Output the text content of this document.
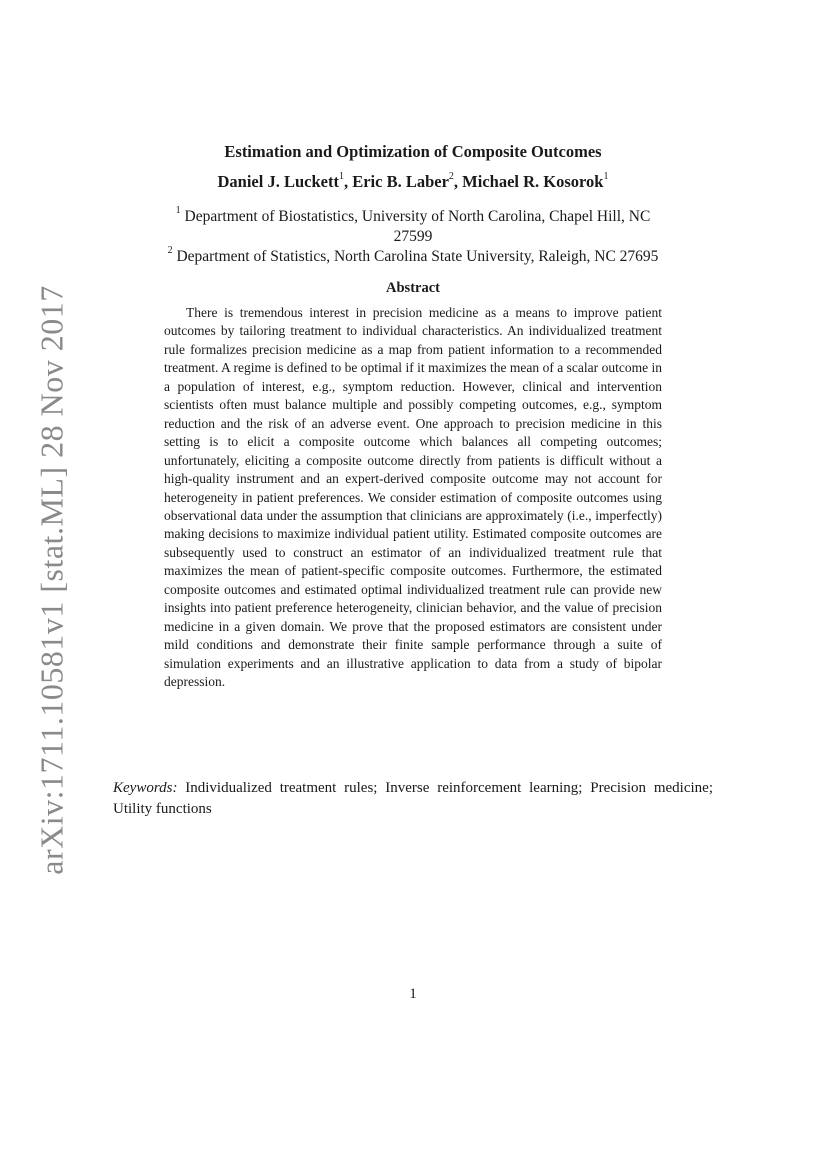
arXiv:1711.10581v1 [stat.ML] 28 Nov 2017
Estimation and Optimization of Composite Outcomes
Daniel J. Luckett$^1$, Eric B. Laber$^2$, Michael R. Kosorok$^1$
$^1$ Department of Biostatistics, University of North Carolina, Chapel Hill, NC
27599
$^2$ Department of Statistics, North Carolina State University, Raleigh, NC 27695
Abstract

There is tremendous interest in precision medicine as a means to improve patient outcomes by tailoring treatment to individual characteristics. An individualized treatment rule formalizes precision medicine as a map from patient information to a recommended treatment. A regime is defined to be optimal if it maximizes the mean of a scalar outcome in a population of interest, e.g., symptom reduction. However, clinical and intervention scientists often must balance multiple and possibly competing outcomes, e.g., symptom reduction and the risk of an adverse event. One approach to precision medicine in this setting is to elicit a composite outcome which balances all competing outcomes; unfortunately, eliciting a composite outcome directly from patients is difficult without a high-quality instrument and an expert-derived composite outcome may not account for heterogeneity in patient preferences. We consider estimation of composite outcomes using observational data under the assumption that clinicians are approximately (i.e., imperfectly) making decisions to maximize individual patient utility. Estimated composite outcomes are subsequently used to construct an estimator of an individualized treatment rule that maximizes the mean of patient-specific composite outcomes. Furthermore, the estimated composite outcomes and estimated optimal individualized treatment rule can provide new insights into patient preference heterogeneity, clinician behavior, and the value of precision medicine in a given domain. We prove that the proposed estimators are consistent under mild conditions and demonstrate their finite sample performance through a suite of simulation experiments and an illustrative application to data from a study of bipolar depression.

Keywords: Individualized treatment rules; Inverse reinforcement learning; Precision medicine; Utility functions
1
